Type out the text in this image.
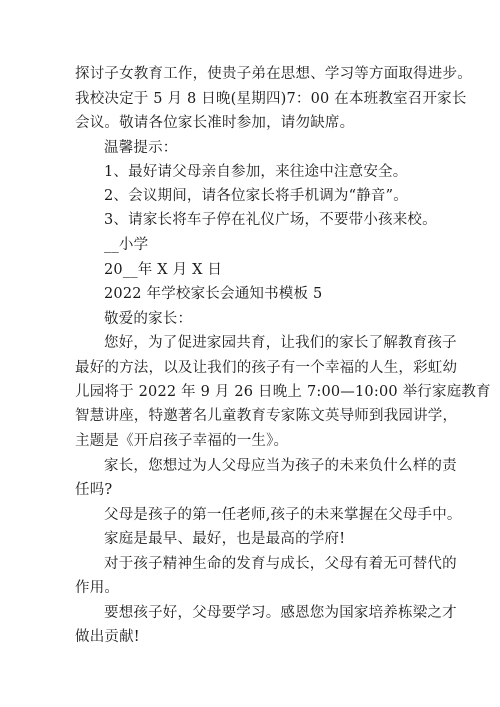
探讨子女教育工作，使贵子弟在思想、学习等方面取得进步。
我校决定于 5 月 8 日晚(星期四)7：00 在本班教室召开家长
会议。敬请各位家长准时参加，请勿缺席。
温馨提示：
1、最好请父母亲自参加，来往途中注意安全。
2、会议期间，请各位家长将手机调为“静音”。
3、请家长将车子停在礼仪广场，不要带小孩来校。
__小学
20__年 X 月 X 日
2022 年学校家长会通知书模板 5
敬爱的家长：
您好，为了促进家园共育，让我们的家长了解教育孩子
最好的方法，以及让我们的孩子有一个幸福的人生，彩虹幼
儿园将于 2022 年 9 月 26 日晚上 7:00—10:00 举行家庭教育
智慧讲座，特邀著名儿童教育专家陈文英导师到我园讲学，
主题是《开启孩子幸福的一生》。
家长，您想过为人父母应当为孩子的未来负什么样的责
任吗?
父母是孩子的第一任老师,孩子的未来掌握在父母手中。
家庭是最早、最好，也是最高的学府!
对于孩子精神生命的发育与成长，父母有着无可替代的
作用。
要想孩子好，父母要学习。感恩您为国家培养栋梁之才
做出贡献!
